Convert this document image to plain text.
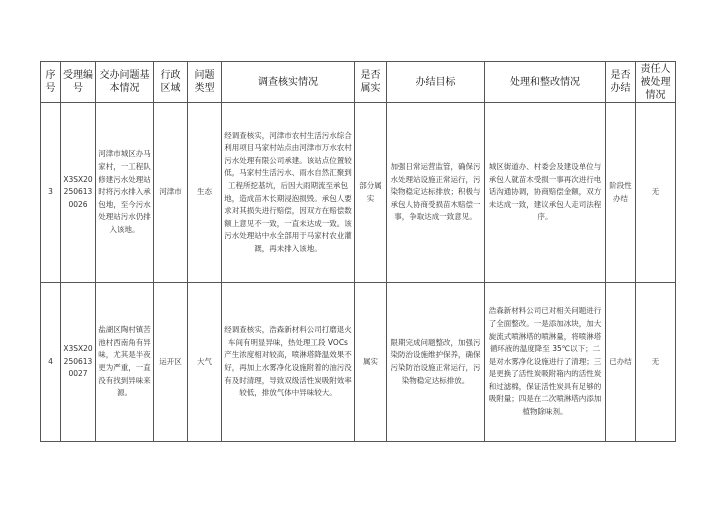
序号	受理编号	交办问题基本情况	行政区域	问题类型	调查核实情况	是否属实	办结目标	处理和整改情况	是否办结	责任人被处理情况
3	X3SX202506130026	河津市城区办马家村，一工程队修建污水处理站时将污水排入承包地，至今污水处理站污水仍排入该地。	河津市	生态	经调查核实，河津市农村生活污水综合利用项目马家村站点由河津市万水农村污水处理有限公司承建。该站点位置较低，马家村生活污水、雨水自然汇聚到工程所挖基坑，后因大雨期流至承包地，造成苗木长期浸泡损毁。承包人要求对其损失进行赔偿，因双方在赔偿数额上意见不一致，一直未达成一致。该污水处理站中水全部用于马家村农业灌溉，再未排入该地。	部分属实	加强日常运营监管，确保污水处理站设施正常运行，污染物稳定达标排放；积极与承包人协商受损苗木赔偿一事，争取达成一致意见。	城区街道办、村委会及建设单位与承包人就苗木受损一事再次进行电话沟通协调，协商赔偿金额，双方未达成一致，建议承包人走司法程序。	阶段性办结	无
4	X3SX202506130027	盐湖区陶村镇苦池村西南角有异味，尤其是半夜更为严重，一直没有找到异味来源。	运开区	大气	经调查核实，浩森新材料公司打磨退火车间有明显异味，热处理工段 VOCs 产生浓度相对较高，喷淋塔降温效果不好，再加上水雾净化设施附着的油污没有及时清理，导致双级活性炭吸附效率较低，排放气体中异味较大。	属实	限期完成问题整改，加强污染防治设施维护保养，确保污染防治设施正常运行，污染物稳定达标排放。	浩森新材料公司已对相关问题进行了全面整改。一是添加冰块，加大旋流式喷淋塔的喷淋量，将喷淋塔循环液的温度降至 35℃以下；二是对水雾净化设施进行了清理；三是更换了活性炭吸附箱内的活性炭和过滤棉，保证活性炭具有足够的吸附量；四是在二次喷淋塔内添加植物除味剂。	已办结	无
